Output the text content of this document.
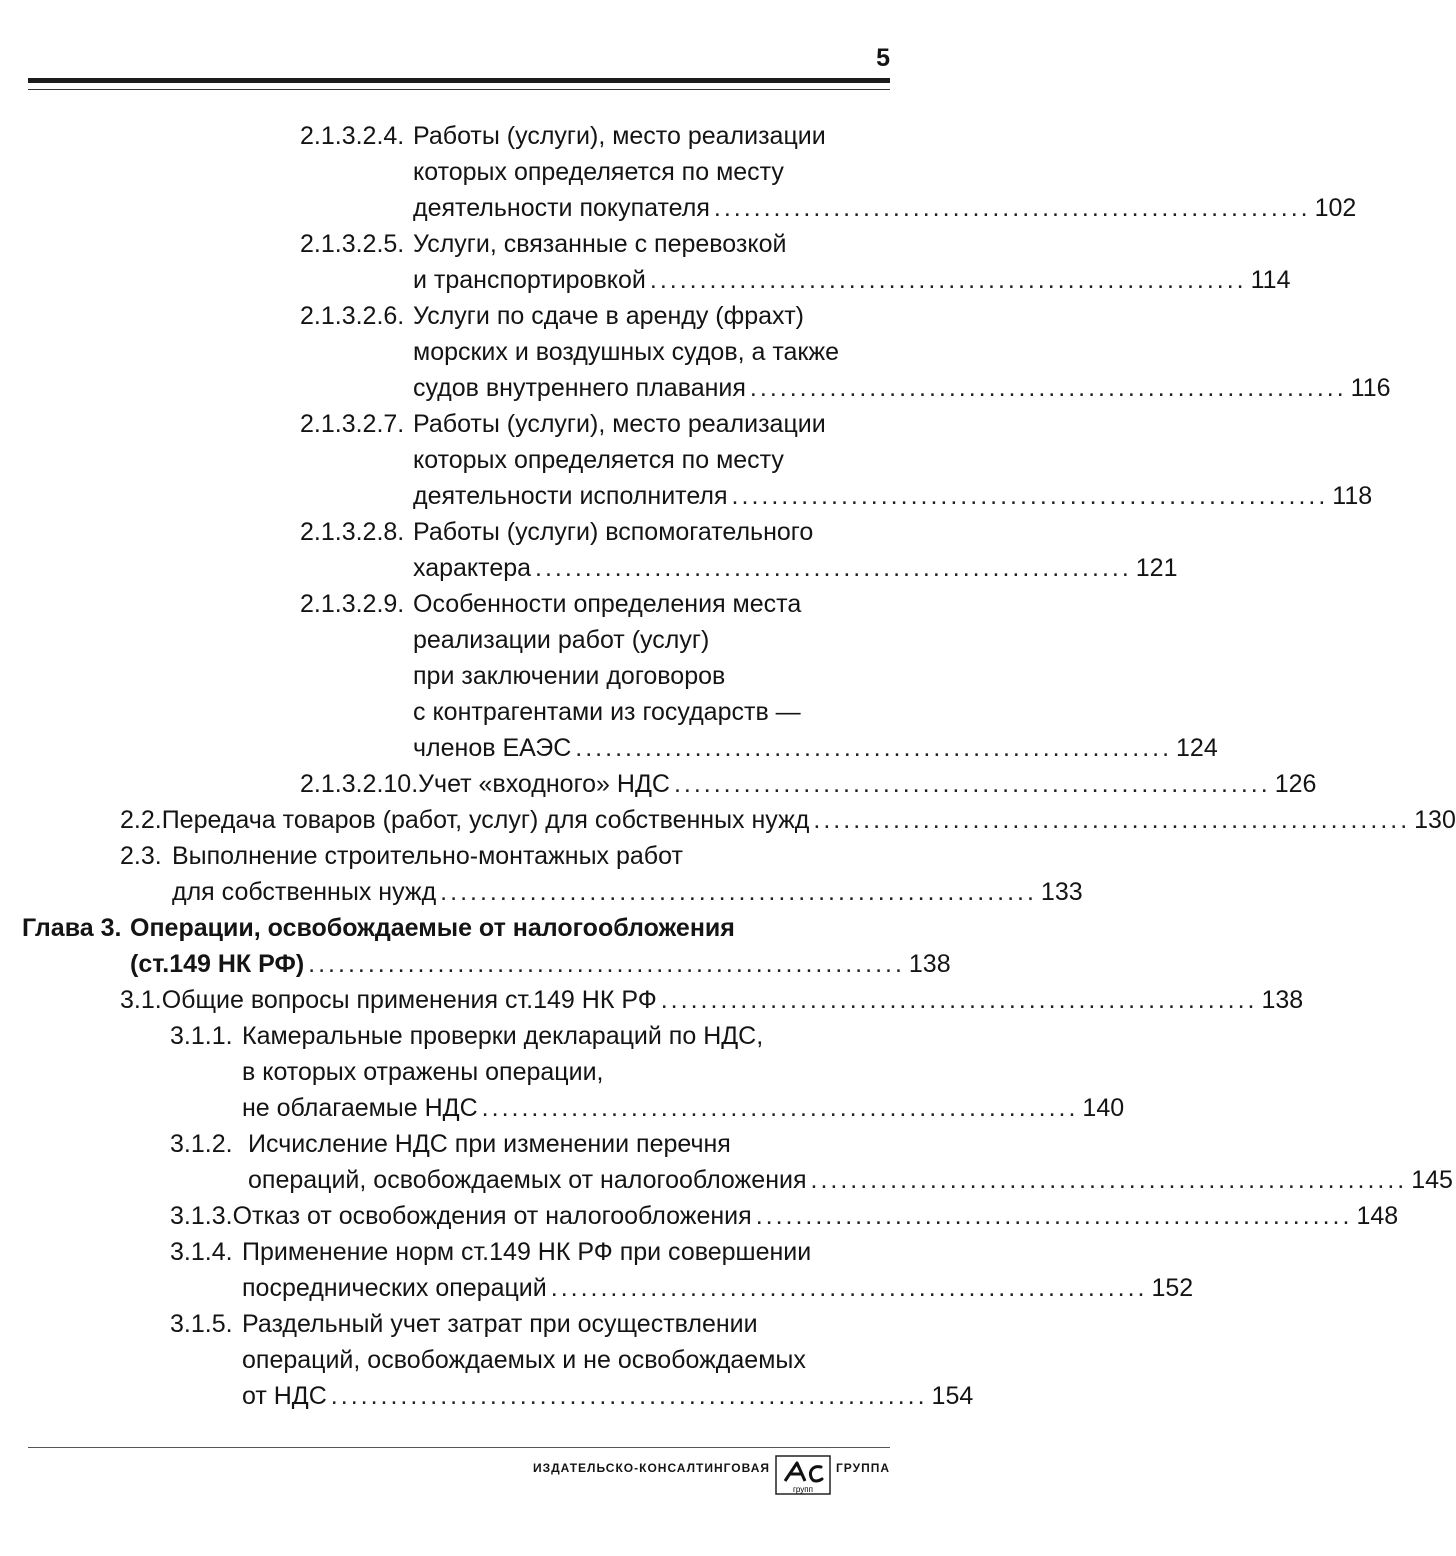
5
2.1.3.2.4. Работы (услуги), место реализации
которых определяется по месту
деятельности покупателя ............................................................ 102
2.1.3.2.5. Услуги, связанные с перевозкой
и транспортировкой ............................................................ 114
2.1.3.2.6. Услуги по сдаче в аренду (фрахт)
морских и воздушных судов, а также
судов внутреннего плавания ............................................................ 116
2.1.3.2.7. Работы (услуги), место реализации
которых определяется по месту
деятельности исполнителя ............................................................ 118
2.1.3.2.8. Работы (услуги) вспомогательного
характера ............................................................ 121
2.1.3.2.9. Особенности определения места
реализации работ (услуг)
при заключении договоров
с контрагентами из государств —
членов ЕАЭС ............................................................ 124
2.1.3.2.10. Учет «входного» НДС ............................................................ 126
2.2. Передача товаров (работ, услуг) для собственных нужд ............................................................ 130
2.3. Выполнение строительно-монтажных работ
для собственных нужд ............................................................ 133
Глава 3. Операции, освобождаемые от налогообложения
(ст.149 НК РФ) ............................................................ 138
3.1. Общие вопросы применения ст.149 НК РФ ............................................................ 138
3.1.1. Камеральные проверки деклараций по НДС,
в которых отражены операции,
не облагаемые НДС ............................................................ 140
3.1.2. Исчисление НДС при изменении перечня
операций, освобождаемых от налогообложения ............................................................ 145
3.1.3. Отказ от освобождения от налогообложения ............................................................ 148
3.1.4. Применение норм ст.149 НК РФ при совершении
посреднических операций ............................................................ 152
3.1.5. Раздельный учет затрат при осуществлении
операций, освобождаемых и не освобождаемых
от НДС ............................................................ 154
ИЗДАТЕЛЬСКО-КОНСАЛТИНГОВАЯ
групп
ГРУППА
